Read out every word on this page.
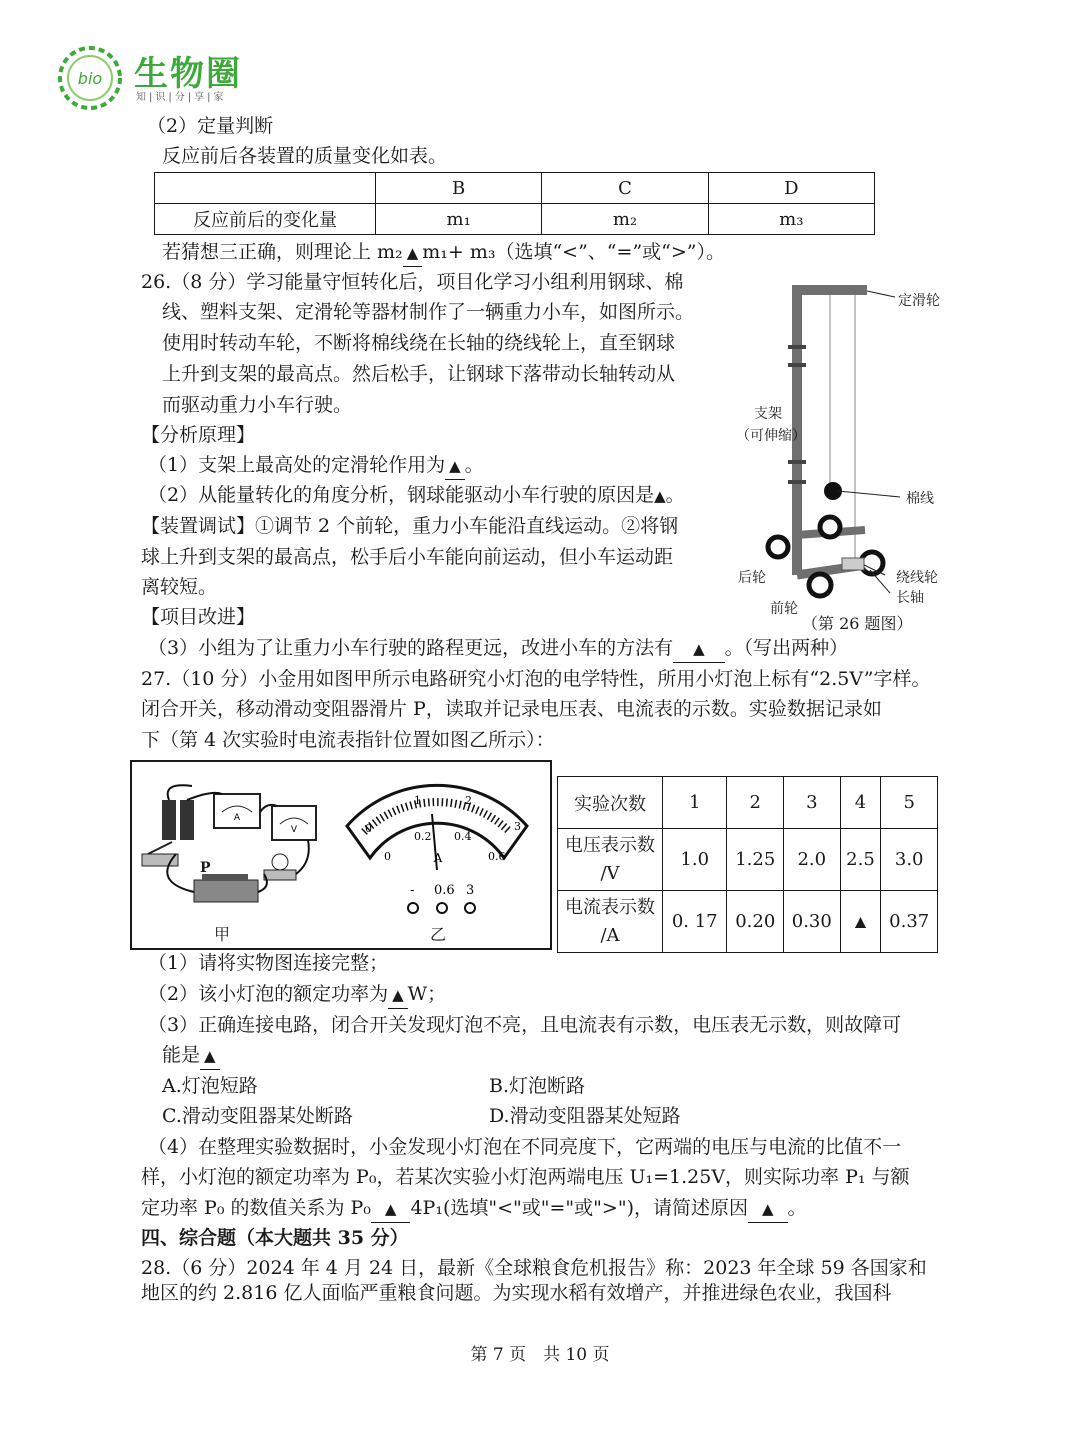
bio 生物圈
知|识|分|享|家
（2）定量判断
反应前后各装置的质量变化如表。
	B	C	D
反应前后的变化量	m₁	m₂	m₃
若猜想三正确，则理论上 m₂ ▲ m₁+ m₃（选填“<”、“=”或“>”）。
26.（8 分）学习能量守恒转化后，项目化学习小组利用钢球、棉
线、塑料支架、定滑轮等器材制作了一辆重力小车，如图所示。
使用时转动车轮，不断将棉线绕在长轴的绕线轮上，直至钢球
上升到支架的最高点。然后松手，让钢球下落带动长轴转动从
而驱动重力小车行驶。
【分析原理】
（1）支架上最高处的定滑轮作用为 ▲ 。
（2）从能量转化的角度分析，钢球能驱动小车行驶的原因是▲。
【装置调试】①调节 2 个前轮，重力小车能沿直线运动。②将钢
球上升到支架的最高点，松手后小车能向前运动，但小车运动距
离较短。
【项目改进】
（3）小组为了让重力小车行驶的路程更远，改进小车的方法有 ▲ 。（写出两种）
定滑轮
支架
（可伸缩）
棉线
后轮	绕线轮
长轴
前轮
（第 26 题图）
27.（10 分）小金用如图甲所示电路研究小灯泡的电学特性，所用小灯泡上标有“2.5V”字样。
闭合开关，移动滑动变阻器滑片 P，读取并记录电压表、电流表的示数。实验数据记录如
下（第 4 次实验时电流表指针位置如图乙所示）：
A
V
A
0
1	2
3
0
0.2 0.4
0.6
- 0.6 3
P
甲	乙
实验次数	1	2	3	4	5
电压表示数
/V	1.0	1.25	2.0	2.5	3.0
电流表示数
/A	0. 17	0.20	0.30	▲	0.37
（1）请将实物图连接完整；
（2）该小灯泡的额定功率为 ▲ W；
（3）正确连接电路，闭合开关发现灯泡不亮，且电流表有示数，电压表无示数，则故障可
能是 ▲
A.灯泡短路	B.灯泡断路
C.滑动变阻器某处断路	D.滑动变阻器某处短路
（4）在整理实验数据时，小金发现小灯泡在不同亮度下，它两端的电压与电流的比值不一
样，小灯泡的额定功率为 P₀，若某次实验小灯泡两端电压 U₁=1.25V，则实际功率 P₁ 与额
定功率 P₀ 的数值关系为 P₀ ▲ 4P₁(选填"<"或"="或">")，请简述原因 ▲ 。
四、综合题（本大题共 35 分）
28.（6 分）2024 年 4 月 24 日，最新《全球粮食危机报告》称：2023 年全球 59 各国家和
地区的约 2.816 亿人面临严重粮食问题。为实现水稻有效增产，并推进绿色农业，我国科
第 7 页　共 10 页
